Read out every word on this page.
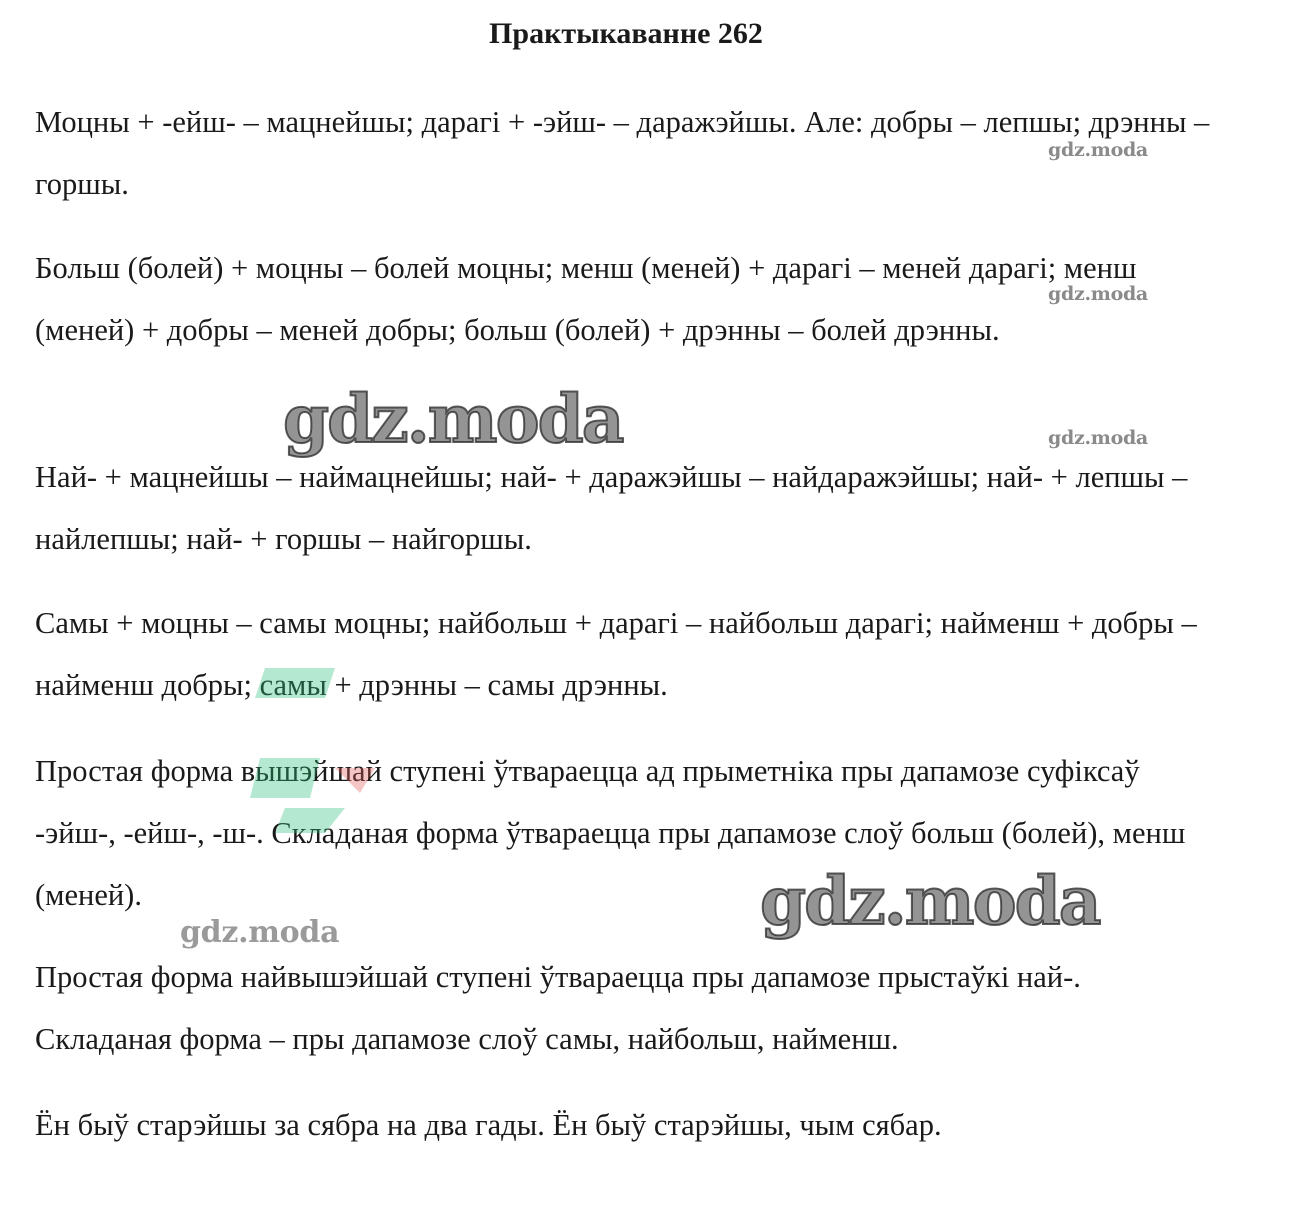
Практыкаванне 262

Моцны + -ейш- – мацнейшы; дарагі + -эйш- – даражэйшы. Але: добры – лепшы; дрэнны – горшы.

Больш (болей) + моцны – болей моцны; менш (меней) + дарагі – меней дарагі; менш (меней) + добры – меней добры; больш (болей) + дрэнны – болей дрэнны.

Най- + мацнейшы – наймацнейшы; най- + даражэйшы – найдаражэйшы; най- + лепшы – найлепшы; най- + горшы – найгоршы.

Самы + моцны – самы моцны; найбольш + дарагі – найбольш дарагі; найменш + добры – найменш добры; самы + дрэнны – самы дрэнны.

Простая форма вышэйшай ступені ўтвараецца ад прыметніка пры дапамозе суфіксаў -эйш-, -ейш-, -ш-. Складаная форма ўтвараецца пры дапамозе слоў больш (болей), менш (меней).

Простая форма найвышэйшай ступені ўтвараецца пры дапамозе прыстаўкі най-. Складаная форма – пры дапамозе слоў самы, найбольш, найменш.

Ён быў старэйшы за сябра на два гады. Ён быў старэйшы, чым сябар.

gdz.moda
gdz.moda
gdz.moda
gdz.moda
gdz.moda
gdz.moda
